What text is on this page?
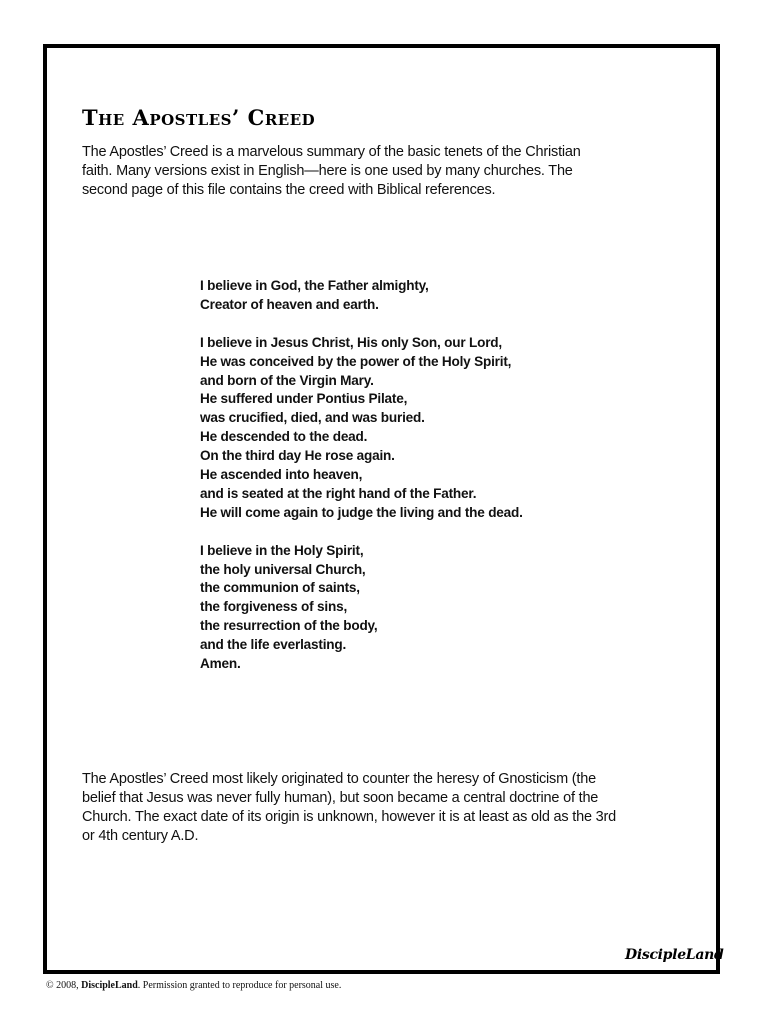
The Apostles’ Creed

The Apostles’ Creed is a marvelous summary of the basic tenets of the Christian faith. Many versions exist in English—here is one used by many churches. The second page of this file contains the creed with Biblical references.

I believe in God, the Father almighty,
Creator of heaven and earth.
I believe in Jesus Christ, His only Son, our Lord,
He was conceived by the power of the Holy Spirit,
and born of the Virgin Mary.
He suffered under Pontius Pilate,
was crucified, died, and was buried.
He descended to the dead.
On the third day He rose again.
He ascended into heaven,
and is seated at the right hand of the Father.
He will come again to judge the living and the dead.
I believe in the Holy Spirit,
the holy universal Church,
the communion of saints,
the forgiveness of sins,
the resurrection of the body,
and the life everlasting.
Amen.

The Apostles’ Creed most likely originated to counter the heresy of Gnosticism (the belief that Jesus was never fully human), but soon became a central doctrine of the Church. The exact date of its origin is unknown, however it is at least as old as the 3rd or 4th century A.D.

DiscipleLand

© 2008, DiscipleLand. Permission granted to reproduce for personal use.
